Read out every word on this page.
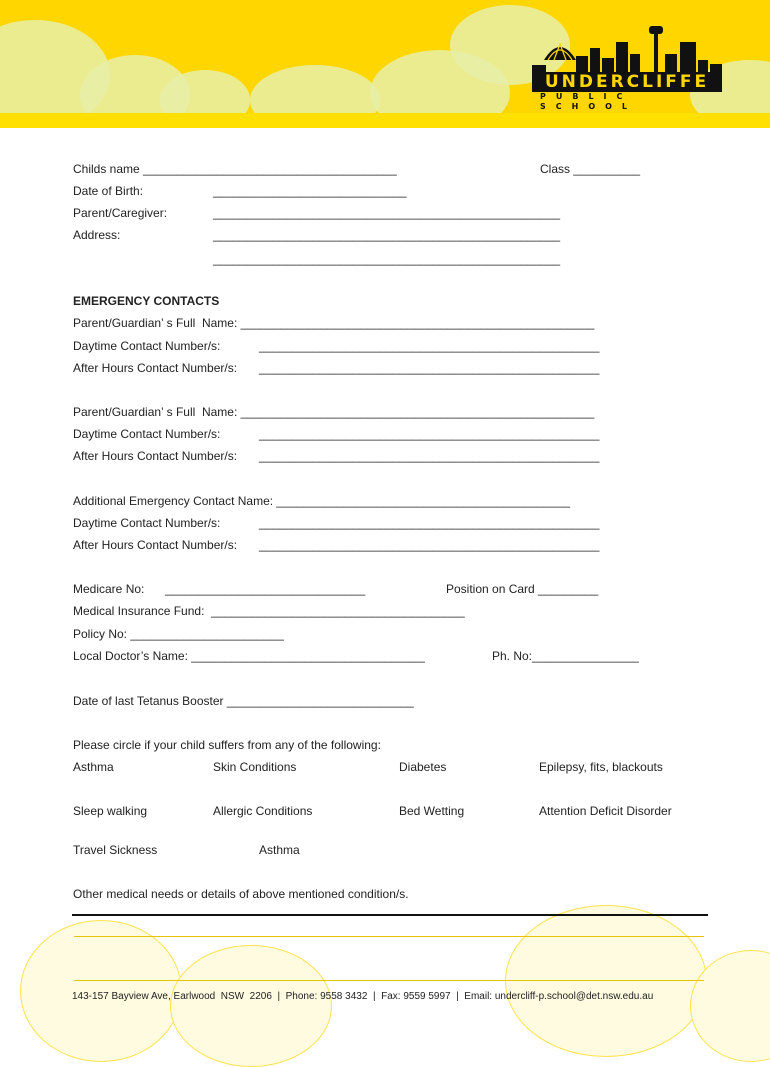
UNDERCLIFFE
PUBLIC SCHOOL
Childs name ______________________________________	Class __________
Date of Birth:	_____________________________
Parent/Caregiver:	____________________________________________________
Address:	____________________________________________________
____________________________________________________
EMERGENCY CONTACTS
Parent/Guardian’ s Full  Name: _____________________________________________________
Daytime Contact Number/s:	___________________________________________________
After Hours Contact Number/s: ___________________________________________________
Parent/Guardian’ s Full  Name: _____________________________________________________
Daytime Contact Number/s:	___________________________________________________
After Hours Contact Number/s: ___________________________________________________
Additional Emergency Contact Name: ____________________________________________
Daytime Contact Number/s:	___________________________________________________
After Hours Contact Number/s: ___________________________________________________
Medicare No: ______________________________	Position on Card _________
Medical Insurance Fund:  ______________________________________
Policy No: _______________________
Local Doctor’s Name: ___________________________________	Ph. No:________________
Date of last Tetanus Booster ____________________________
Please circle if your child suffers from any of the following:
Asthma	Skin Conditions	Diabetes	Epilepsy, fits, blackouts
Sleep walking	Allergic Conditions	Bed Wetting	Attention Deficit Disorder
Travel Sickness	Asthma
Other medical needs or details of above mentioned condition/s.
143-157 Bayview Ave, Earlwood  NSW  2206  |  Phone: 9558 3432  |  Fax: 9559 5997  |  Email: undercliff-p.school@det.nsw.edu.au
